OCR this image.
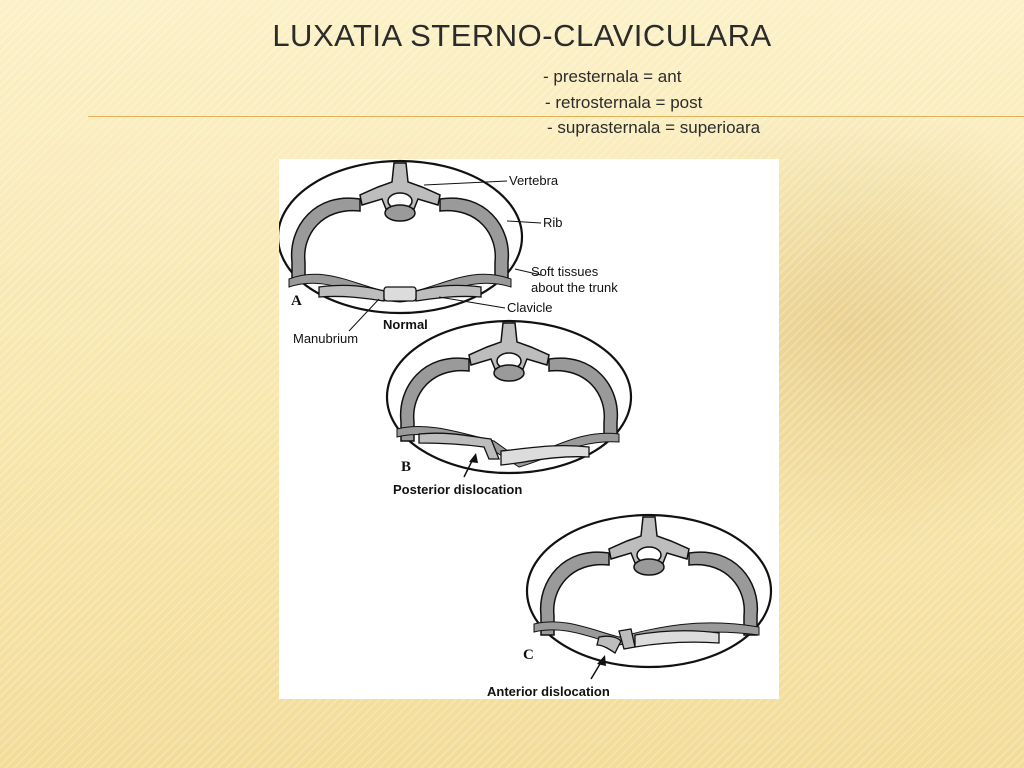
LUXATIA STERNO-CLAVICULARA
- presternala = ant
- retrosternala = post
- suprasternala = superioara
Vertebra
Rib
Soft tissues
about the trunk
Clavicle
Manubrium
A
Normal
B
Posterior dislocation
C
Anterior dislocation
